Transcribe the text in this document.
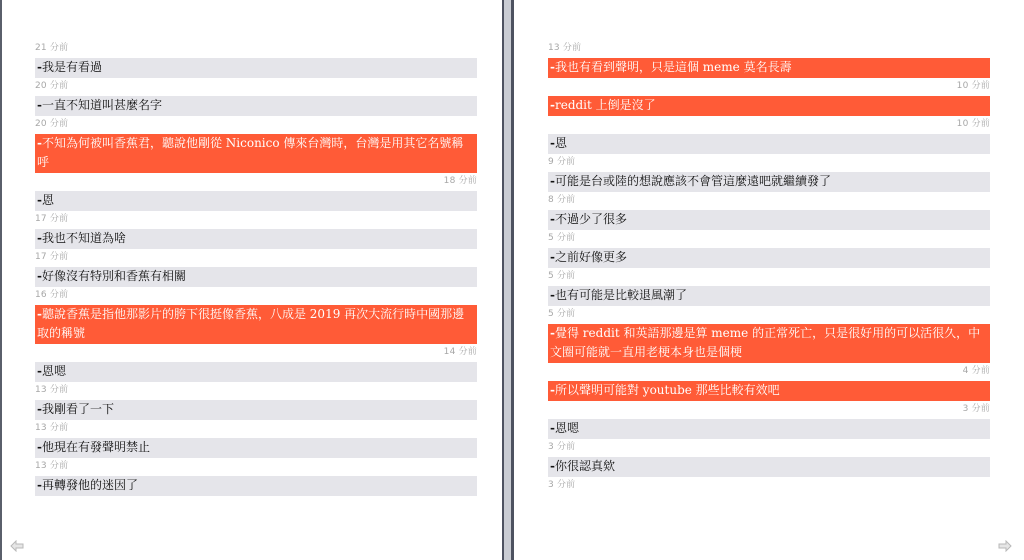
21 分前
-我是有看過
20 分前
-一直不知道叫甚麼名字
20 分前
-不知為何被叫香蕉君，聽說他剛從 Niconico 傳來台灣時，台灣是用其它名號稱呼
18 分前
-恩
17 分前
-我也不知道為啥
17 分前
-好像沒有特別和香蕉有相關
16 分前
-聽說香蕉是指他那影片的胯下很挺像香蕉，八成是 2019 再次大流行時中國那邊取的稱號
14 分前
-恩嗯
13 分前
-我剛看了一下
13 分前
-他現在有發聲明禁止
13 分前
-再轉發他的迷因了
13 分前
-我也有看到聲明，只是這個 meme 莫名長壽
10 分前
-reddit 上倒是沒了
10 分前
-恩
9 分前
-可能是台或陸的想說應該不會管這麼遠吧就繼續發了
8 分前
-不過少了很多
5 分前
-之前好像更多
5 分前
-也有可能是比較退風潮了
5 分前
-覺得 reddit 和英語那邊是算 meme 的正常死亡，只是很好用的可以活很久，中文圈可能就一直用老梗本身也是個梗
4 分前
-所以聲明可能對 youtube 那些比較有效吧
3 分前
-恩嗯
3 分前
-你很認真欸
3 分前
